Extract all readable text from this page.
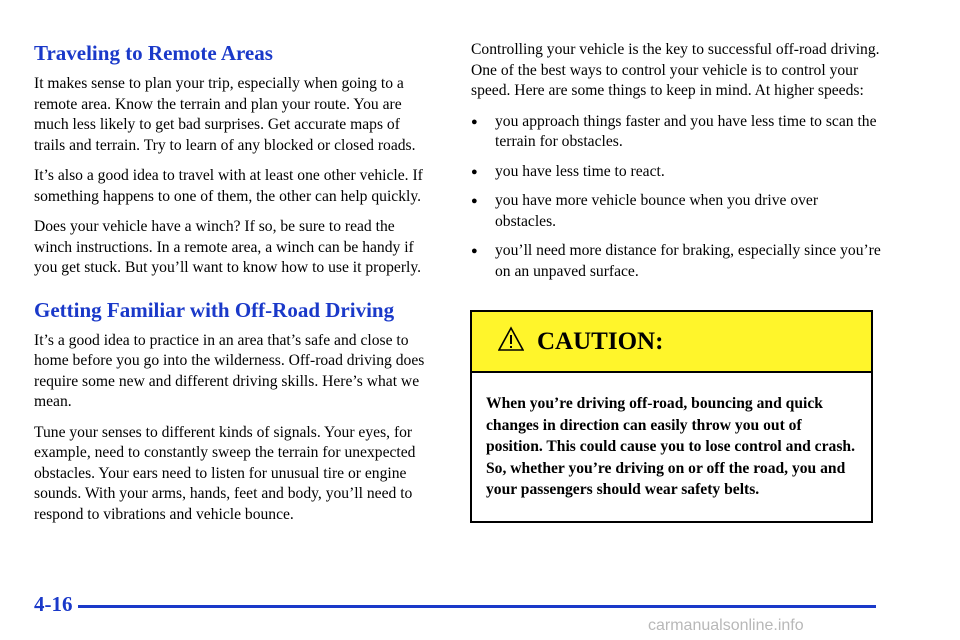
Traveling to Remote Areas

It makes sense to plan your trip, especially when going to a remote area. Know the terrain and plan your route. You are much less likely to get bad surprises. Get accurate maps of trails and terrain. Try to learn of any blocked or closed roads.

It’s also a good idea to travel with at least one other vehicle. If something happens to one of them, the other can help quickly.

Does your vehicle have a winch? If so, be sure to read the winch instructions. In a remote area, a winch can be handy if you get stuck. But you’ll want to know how to use it properly.

Getting Familiar with Off-Road Driving

It’s a good idea to practice in an area that’s safe and close to home before you go into the wilderness. Off-road driving does require some new and different driving skills. Here’s what we mean.

Tune your senses to different kinds of signals. Your eyes, for example, need to constantly sweep the terrain for unexpected obstacles. Your ears need to listen for unusual tire or engine sounds. With your arms, hands, feet and body, you’ll need to respond to vibrations and vehicle bounce.

Controlling your vehicle is the key to successful off-road driving. One of the best ways to control your vehicle is to control your speed. Here are some things to keep in mind. At higher speeds:

● you approach things faster and you have less time to scan the terrain for obstacles.
● you have less time to react.
● you have more vehicle bounce when you drive over obstacles.
● you’ll need more distance for braking, especially since you’re on an unpaved surface.
CAUTION:
When you’re driving off-road, bouncing and quick changes in direction can easily throw you out of position. This could cause you to lose control and crash. So, whether you’re driving on or off the road, you and your passengers should wear safety belts.
4-16
carmanualsonline.info
